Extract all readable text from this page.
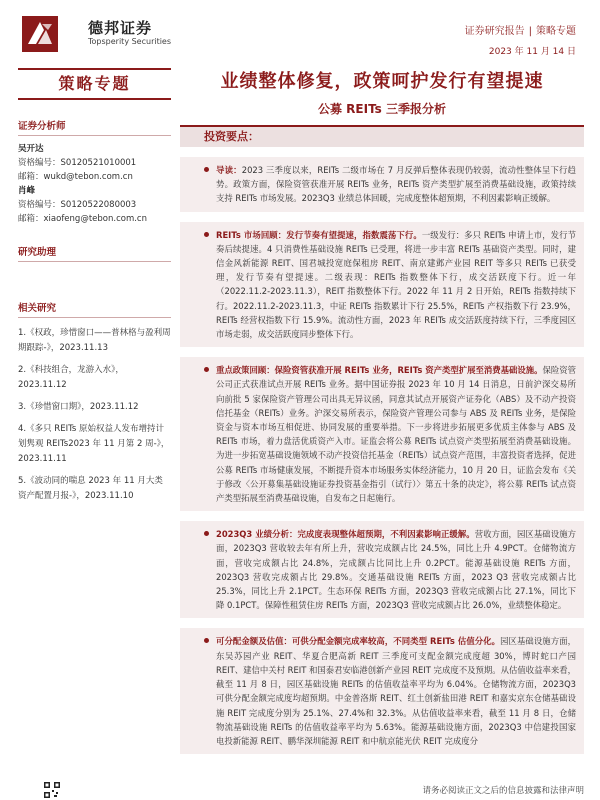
德邦证券
Topsperity Securities
证券研究报告 | 策略专题
2023 年 11 月 14 日
策略专题
证券分析师
吴开达
资格编号：S0120521010001
邮箱：wukd@tebon.com.cn
肖峰
资格编号：S0120522080003
邮箱：xiaofeng@tebon.com.cn
研究助理
相关研究
1.《权政，珍惜窗口——普林格与盈利周期跟踪-》，2023.11.13
2.《科技组合，龙游入水》，2023.11.12
3.《珍惜窗口期》，2023.11.12
4.《多只 REITs 原始权益人发布增持计划隽观 REITs2023 年 11 月第 2 周-》，2023.11.11
5.《波动同的喘息 2023 年 11 月大类资产配置月报-》，2023.11.10
业绩整体修复，政策呵护发行有望提速
公募 REITs 三季报分析
投资要点：
导读：2023 三季度以来，REITs 二级市场在 7 月反弹后整体表现仍较弱，流动性整体呈下行趋势。政策方面，保险资管获准开展 REITs 业务，REITs 资产类型扩展至消费基础设施，政策持续支持 REITs 市场发展。2023Q3 业绩总体回暖，完成度整体超预期，不利因素影响正缓解。
REITs 市场回顾：发行节奏有望提速，指数震荡下行。一级发行：多只 REITs 申请上市，发行节奏后续提速。4 只消费性基础设施 REITs 已受理，将进一步丰富 REITs 基础资产类型。同时，建信金风新能源 REIT、国君城投宽庭保租房 REIT、南京建邺产业园 REIT 等多只 REITs 已获受理，发行节奏有望提速。二级表现：REITs 指数整体下行，成交活跃度下行。近一年（2022.11.2-2023.11.3），REIT 指数整体下行。2022 年 11 月 2 日开始，REITs 指数持续下行。2022.11.2-2023.11.3，中证 REITs 指数累计下行 25.5%，REITs 产权指数下行 23.9%，REITs 经营权指数下行 15.9%。流动性方面，2023 年 REITs 成交活跃度持续下行，三季度园区市场走弱，成交活跃度同步整体下行。
重点政策回顾：保险资管获准开展 REITs 业务，REITs 资产类型扩展至消费基础设施。保险资管公司正式获准试点开展 REITs 业务。据中国证券报 2023 年 10 月 14 日消息，日前沪深交易所向前批 5 家保险资产管理公司出具无异议函，同意其试点开展资产证券化（ABS）及不动产投资信托基金（REITs）业务。沪深交易所表示，保险资产管理公司参与 ABS 及 REITs 业务，是保险资金与资本市场互相促进、协同发展的重要举措。下一步将进步拓展更多优质主体参与 ABS 及 REITs 市场，着力盘活优质资产入市。证监会将公募 REITs 试点资产类型拓展至消费基础设施。为进一步拓宽基础设施领域不动产投资信托基金（REITs）试点资产范围，丰富投资者选择，促进公募 REITs 市场健康发展，不断提升资本市场服务实体经济能力，10 月 20 日，证监会发布《关于修改〈公开募集基础设施证券投资基金指引（试行）〉第五十条的决定》，将公募 REITs 试点资产类型拓展至消费基础设施，自发布之日起施行。
2023Q3 业绩分析：完成度表现整体超预期，不利因素影响正缓解。营收方面，园区基础设施方面，2023Q3 营收较去年有所上升，营收完成额占比 24.5%，同比上升 4.9PCT。仓储物流方面，营收完成额占比 24.8%，完成额占比同比上升 0.2PCT。能源基础设施 REITs 方面，2023Q3 营收完成额占比 29.8%。交通基础设施 REITs 方面，2023 Q3 营收完成额占比 25.3%，同比上升 2.1PCT。生态环保 REITs 方面，2023Q3 营收完成额占比 27.1%，同比下降 0.1PCT。保障性租赁住房 REITs 方面，2023Q3 营收完成额占比 26.0%，业绩整体稳定。
可分配金额及估值：可供分配金额完成率较高，不同类型 REITs 估值分化。园区基础设施方面，东吴苏园产业 REIT、华夏合肥高新 REIT 三季度可支配金额完成度超 30%，博时蛇口产园 REIT、建信中关村 REIT 和国泰君安临港创新产业园 REIT 完成度不及预期。从估值收益率来看，截至 11 月 8 日，园区基础设施 REITs 的估值收益率平均为 6.04%。仓储物流方面，2023Q3 可供分配金额完成度均超预期。中金普洛斯 REIT、红土创新盐田港 REIT 和嘉实京东仓储基础设施 REIT 完成度分别为 25.1%、27.4%和 32.3%。从估值收益率来看，截至 11 月 8 日，仓储物流基础设施 REITs 的估值收益率平均为 5.63%。能源基础设施方面，2023Q3 中信建投国家电投新能源 REIT、鹏华深圳能源 REIT 和中航京能光伏 REIT 完成度分
请务必阅读正文之后的信息披露和法律声明
